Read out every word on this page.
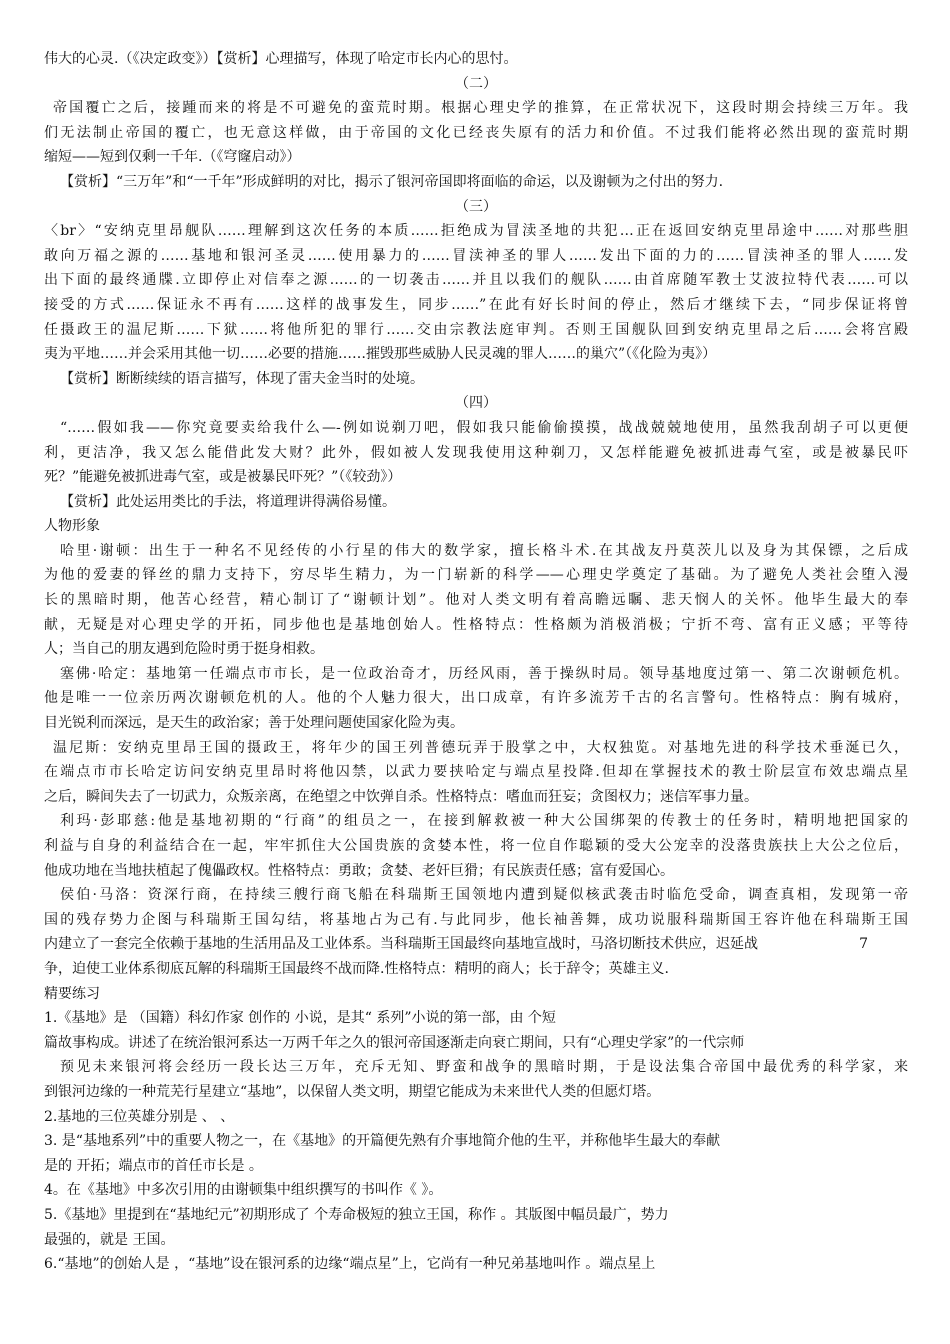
伟大的心灵.（《决定政变》）【赏析】心理描写，体现了哈定市长内心的思忖。
（二）
帝国覆亡之后，接踵而来的将是不可避免的蛮荒时期。根据心理史学的推算，在正常状况下，这段时期会持续三万年。我
们无法制止帝国的覆亡，也无意这样做，由于帝国的文化已经丧失原有的活力和价值。不过我们能将必然出现的蛮荒时期
缩短——短到仅剩一千年.（《穹窿启动》）
【赏析】“三万年”和“一千年”形成鲜明的对比，揭示了银河帝国即将面临的命运，以及谢顿为之付出的努力.
（三）
〈br〉“安纳克里昂舰队……理解到这次任务的本质……拒绝成为冒渎圣地的共犯…正在返回安纳克里昂途中……对那些胆
敢向万福之源的……基地和银河圣灵……使用暴力的……冒渎神圣的罪人……发出下面的力的……冒渎神圣的罪人……发
出下面的最终通牒.立即停止对信奉之源……的一切袭击……并且以我们的舰队……由首席随军教士艾波拉特代表……可以
接受的方式……保证永不再有……这样的战事发生，同步……”在此有好长时间的停止，然后才继续下去，“同步保证将曾
任摄政王的温尼斯……下狱……将他所犯的罪行……交由宗教法庭审判。否则王国舰队回到安纳克里昂之后……会将宫殿
夷为平地……并会采用其他一切……必要的措施……摧毁那些威胁人民灵魂的罪人……的巢穴”（《化险为夷》）
【赏析】断断续续的语言描写，体现了雷夫金当时的处境。
（四）
“……假如我——你究竟要卖给我什么—-例如说剃刀吧，假如我只能偷偷摸摸，战战兢兢地使用，虽然我刮胡子可以更便
利，更洁净，我又怎么能借此发大财？此外，假如被人发现我使用这种剃刀，又怎样能避免被抓进毒气室，或是被暴民吓
死？”能避免被抓进毒气室，或是被暴民吓死？”（《较劲》）
【赏析】此处运用类比的手法，将道理讲得满俗易懂。
人物形象
哈里·谢顿：出生于一种名不见经传的小行星的伟大的数学家，擅长格斗术.在其战友丹莫茨儿以及身为其保镖，之后成
为他的爱妻的铎丝的鼎力支持下，穷尽毕生精力，为一门崭新的科学——心理史学奠定了基础。为了避免人类社会堕入漫
长的黑暗时期，他苦心经营，精心制订了“谢顿计划”。他对人类文明有着高瞻远瞩、悲天悯人的关怀。他毕生最大的奉
献，无疑是对心理史学的开拓，同步他也是基地创始人。性格特点：性格颇为消极消极；宁折不弯、富有正义感；平等待
人；当自己的朋友遇到危险时勇于挺身相救。
塞佛·哈定：基地第一任端点市市长，是一位政治奇才，历经风雨，善于操纵时局。领导基地度过第一、第二次谢顿危机。
他是唯一一位亲历两次谢顿危机的人。他的个人魅力很大，出口成章，有许多流芳千古的名言警句。性格特点：胸有城府，
目光锐利而深远，是天生的政治家；善于处理问题使国家化险为夷。
温尼斯：安纳克里昂王国的摄政王，将年少的国王列普德玩弄于股掌之中，大权独览。对基地先进的科学技术垂涎已久，
在端点市市长哈定访问安纳克里昂时将他囚禁，以武力要挟哈定与端点星投降.但却在掌握技术的教士阶层宣布效忠端点星
之后，瞬间失去了一切武力，众叛亲离，在绝望之中饮弹自杀。性格特点：嗜血而狂妄；贪图权力；迷信军事力量。
利玛·彭耶慈:他是基地初期的“行商”的组员之一，在接到解救被一种大公国绑架的传教士的任务时，精明地把国家的
利益与自身的利益结合在一起，牢牢抓住大公国贵族的贪婪本性，将一位自作聪颖的受大公宠幸的没落贵族扶上大公之位后，
他成功地在当地扶植起了傀儡政权。性格特点：勇敢；贪婪、老奸巨猾；有民族责任感；富有爱国心。
侯伯·马洛：资深行商，在持续三艘行商飞船在科瑞斯王国领地内遭到疑似核武袭击时临危受命，调查真相，发现第一帝
国的残存势力企图与科瑞斯王国勾结，将基地占为己有.与此同步，他长袖善舞，成功说服科瑞斯国王容许他在科瑞斯王国
内建立了一套完全依赖于基地的生活用品及工业体系。当科瑞斯王国最终向基地宣战时，马洛切断技术供应，迟延战	7
争，迫使工业体系彻底瓦解的科瑞斯王国最终不战而降.性格特点：精明的商人；长于辞令；英雄主义.
精要练习
1.《基地》是 （国籍）科幻作家 创作的 小说，是其“ 系列”小说的第一部，由 个短
篇故事构成。讲述了在统治银河系达一万两千年之久的银河帝国逐渐走向衰亡期间，只有“心理史学家”的一代宗师
预见未来银河将会经历一段长达三万年，充斥无知、野蛮和战争的黑暗时期，于是设法集合帝国中最优秀的科学家，来
到银河边缘的一种荒芜行星建立“基地”，以保留人类文明，期望它能成为未来世代人类的但愿灯塔。
2.基地的三位英雄分别是 、 、
3. 是“基地系列”中的重要人物之一，在《基地》的开篇便先熟有介事地简介他的生平，并称他毕生最大的奉献
是的 开拓；端点市的首任市长是 。
4。在《基地》中多次引用的由谢顿集中组织撰写的书叫作《 》。
5.《基地》里提到在“基地纪元”初期形成了 个寿命极短的独立王国，称作 。其版图中幅员最广，势力
最强的，就是 王国。
6.“基地”的创始人是 ，“基地”设在银河系的边缘“端点星”上，它尚有一种兄弟基地叫作 。端点星上
